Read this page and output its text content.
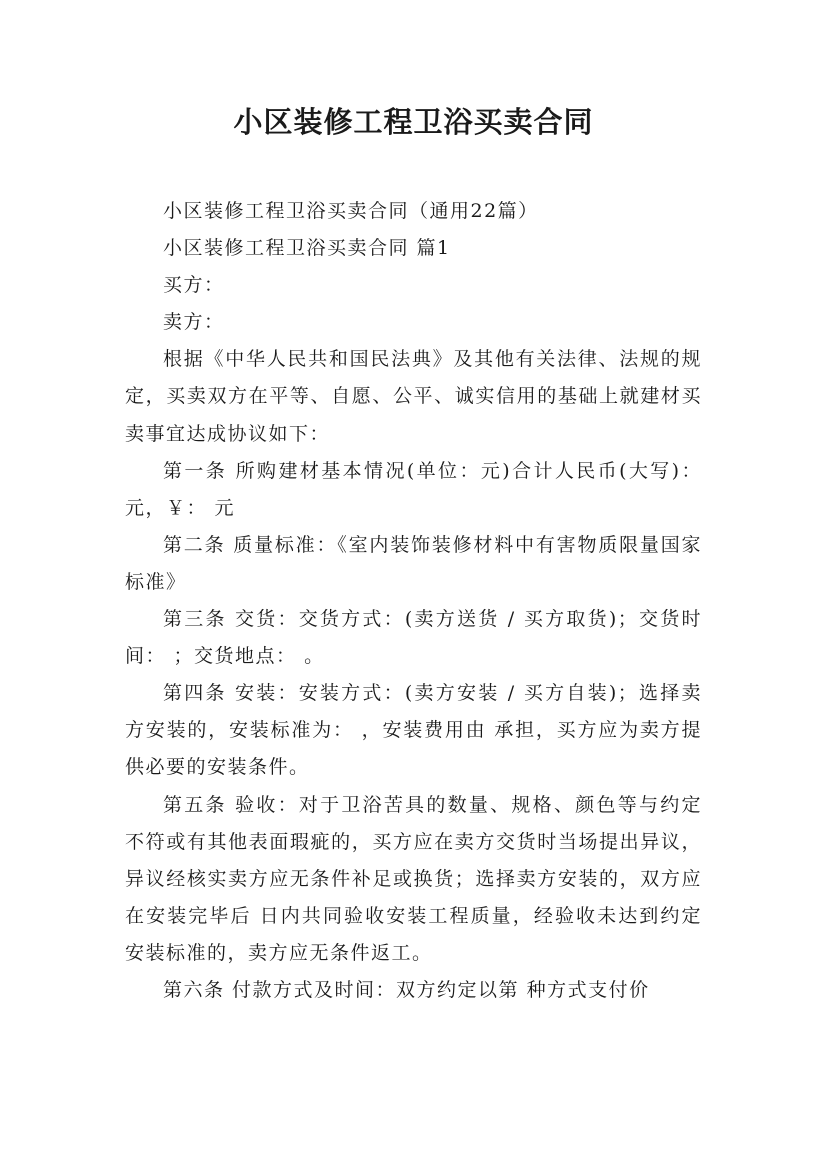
小区装修工程卫浴买卖合同

小区装修工程卫浴买卖合同（通用22篇）

小区装修工程卫浴买卖合同 篇1

买方：

卖方：

根据《中华人民共和国民法典》及其他有关法律、法规的规定，买卖双方在平等、自愿、公平、诚实信用的基础上就建材买卖事宜达成协议如下：

第一条 所购建材基本情况(单位：元)合计人民币(大写)：元，￥： 元

第二条 质量标准：《室内装饰装修材料中有害物质限量国家标准》

第三条 交货：交货方式：(卖方送货 / 买方取货)；交货时间： ；交货地点： 。

第四条 安装：安装方式：(卖方安装 / 买方自装)；选择卖方安装的，安装标准为： ，安装费用由 承担，买方应为卖方提供必要的安装条件。

第五条 验收：对于卫浴苦具的数量、规格、颜色等与约定不符或有其他表面瑕疵的，买方应在卖方交货时当场提出异议，异议经核实卖方应无条件补足或换货；选择卖方安装的，双方应在安装完毕后 日内共同验收安装工程质量，经验收未达到约定安装标准的，卖方应无条件返工。

第六条 付款方式及时间：双方约定以第 种方式支付价
